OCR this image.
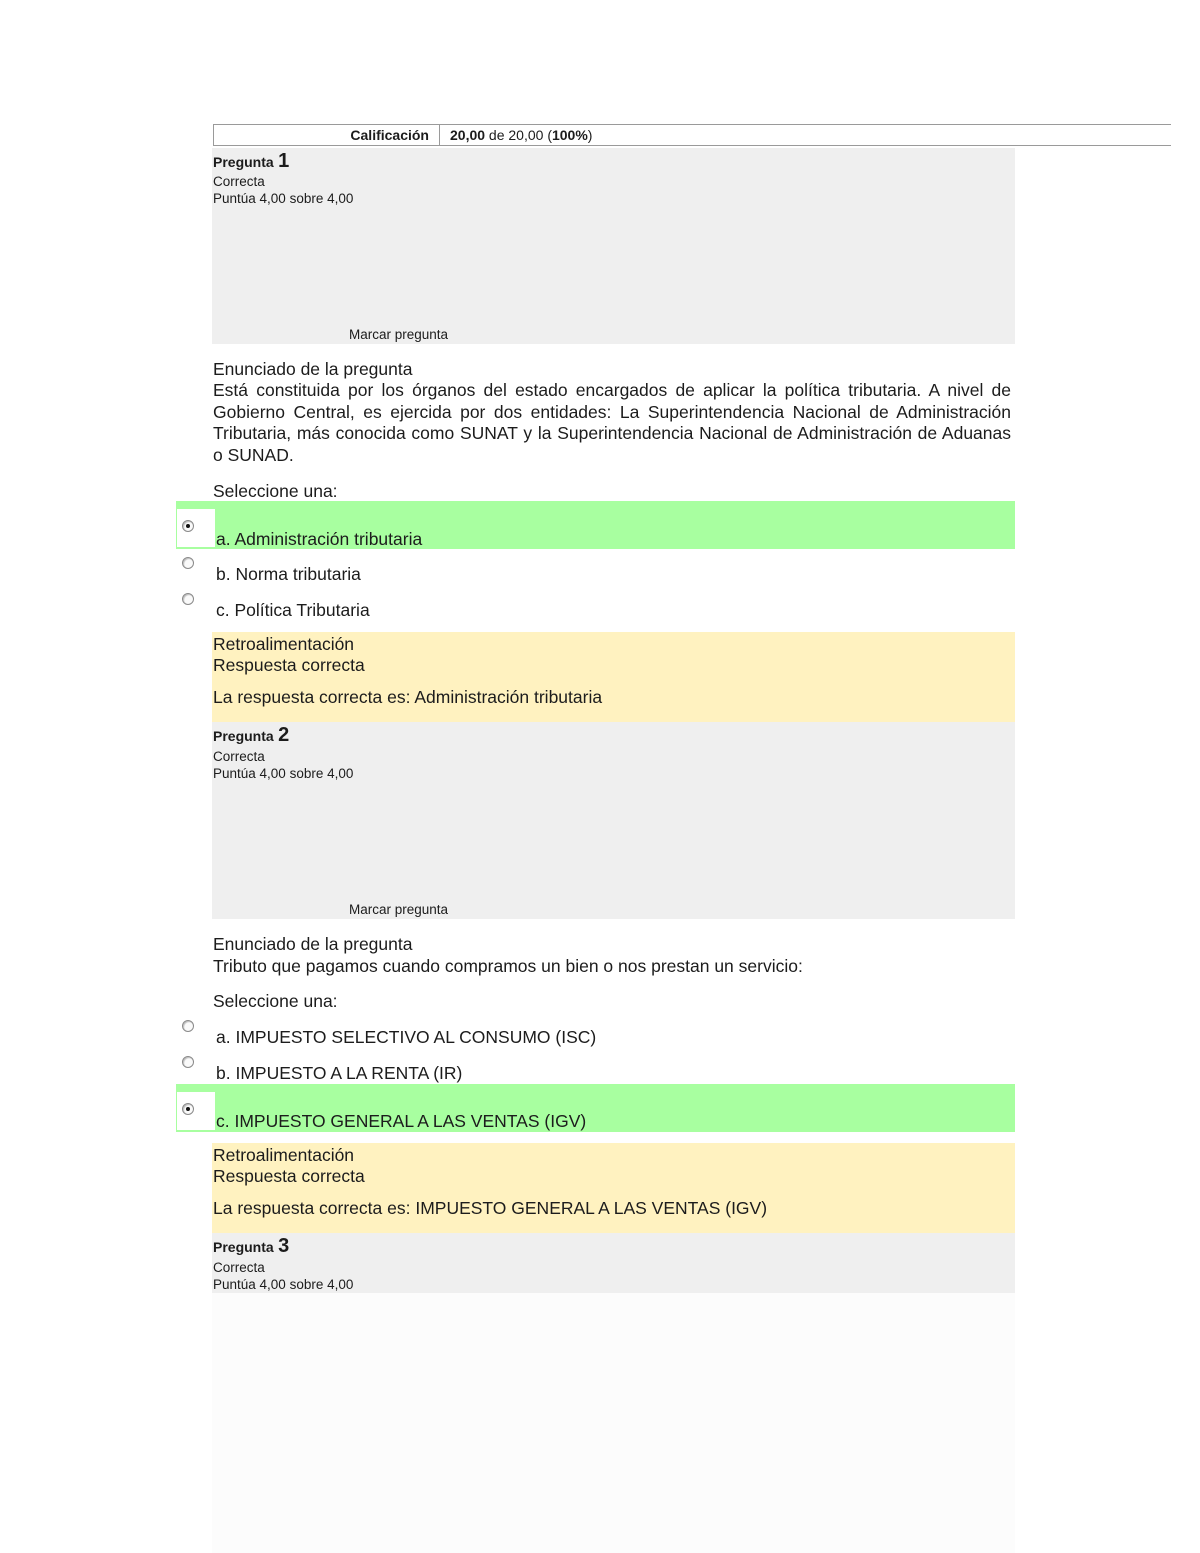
Calificación	20,00 de 20,00 (100%)
Pregunta 1
Correcta
Puntúa 4,00 sobre 4,00
Marcar pregunta
Enunciado de la pregunta
Está constituida por los órganos del estado encargados de aplicar la política tributaria. A nivel de Gobierno Central, es ejercida por dos entidades: La Superintendencia Nacional de Administración Tributaria, más conocida como SUNAT y la Superintendencia Nacional de Administración de Aduanas o SUNAD.
Seleccione una:
a. Administración tributaria
b. Norma tributaria
c. Política Tributaria
Retroalimentación
Respuesta correcta
La respuesta correcta es: Administración tributaria
Pregunta 2
Correcta
Puntúa 4,00 sobre 4,00
Marcar pregunta
Enunciado de la pregunta
Tributo que pagamos cuando compramos un bien o nos prestan un servicio:
Seleccione una:
a. IMPUESTO SELECTIVO AL CONSUMO (ISC)
b. IMPUESTO A LA RENTA (IR)
c. IMPUESTO GENERAL A LAS VENTAS (IGV)
Retroalimentación
Respuesta correcta
La respuesta correcta es: IMPUESTO GENERAL A LAS VENTAS (IGV)
Pregunta 3
Correcta
Puntúa 4,00 sobre 4,00
